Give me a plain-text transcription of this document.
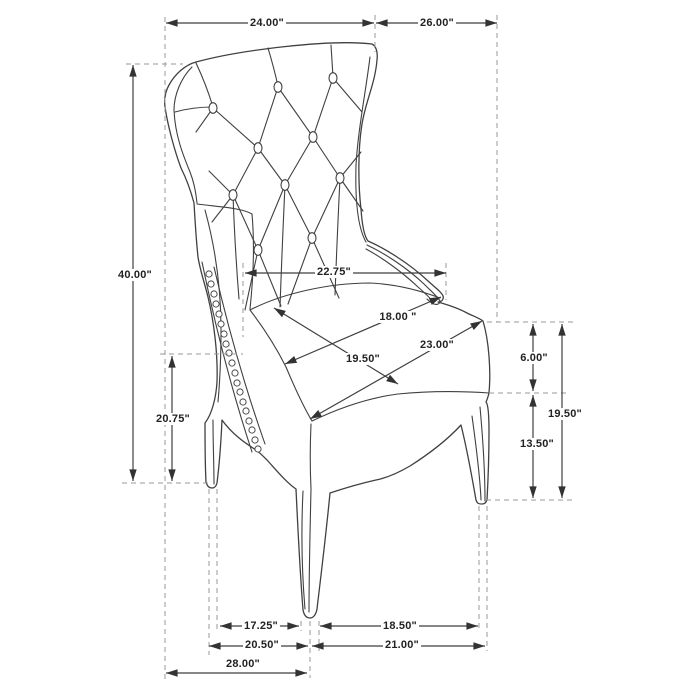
24.00"	26.00"
40.00"	22.75"
18.00 "
19.50"
23.00"
20.75"
6.00"
13.50"
19.50"
17.25"	18.50"
20.50"	21.00"
28.00"
